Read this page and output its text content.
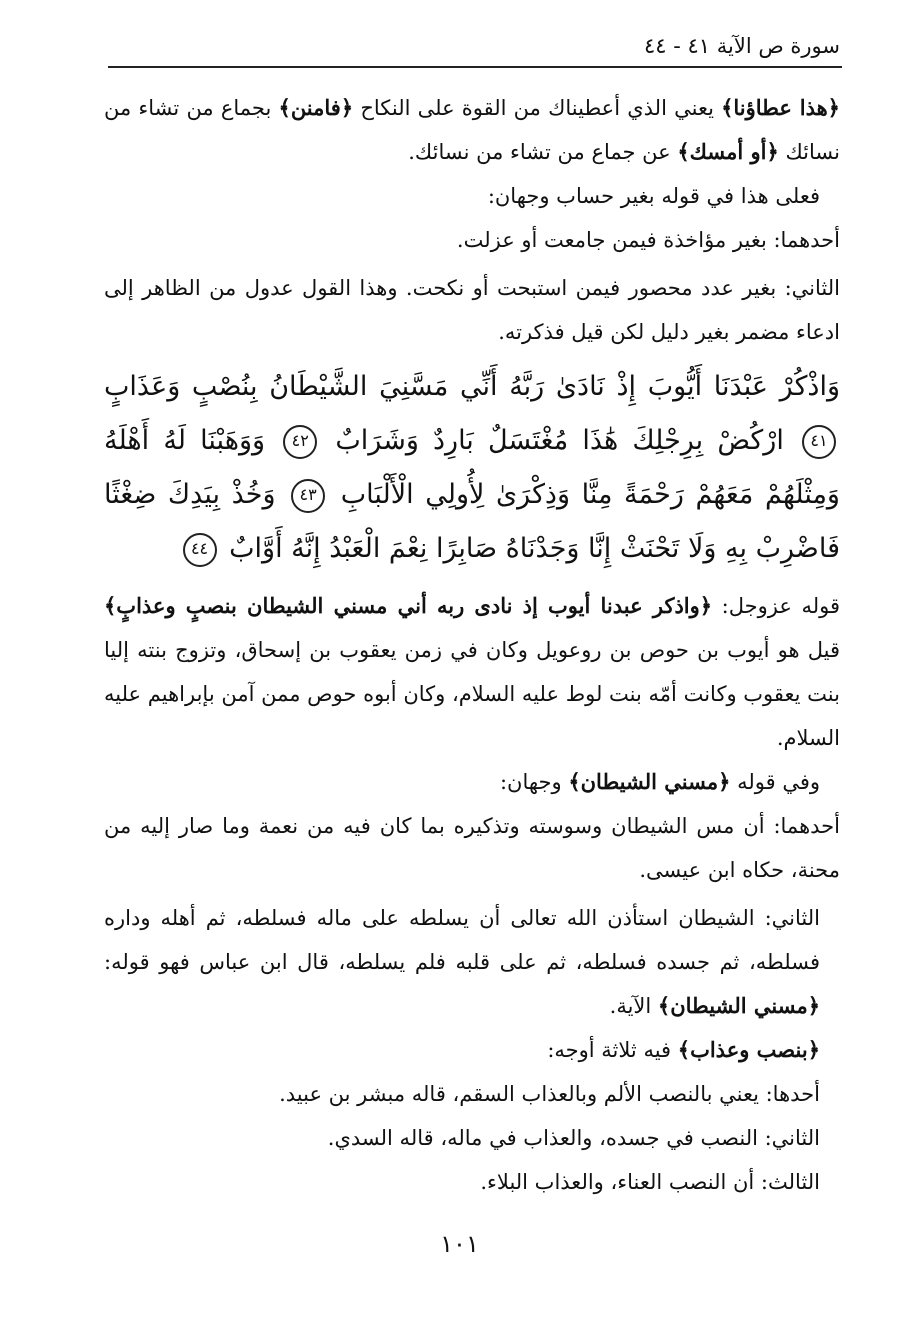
سورة ص الآية ٤١ - ٤٤

﴿هذا عطاؤنا﴾ يعني الذي أعطيناك من القوة على النكاح ﴿فامنن﴾ بجماع من تشاء من نسائك ﴿أو أمسك﴾ عن جماع من تشاء من نسائك.

فعلى هذا في قوله بغير حساب وجهان:

أحدهما: بغير مؤاخذة فيمن جامعت أو عزلت.

الثاني: بغير عدد محصور فيمن استبحت أو نكحت. وهذا القول عدول من الظاهر إلى ادعاء مضمر بغير دليل لكن قيل فذكرته.

وَاذْكُرْ عَبْدَنَا أَيُّوبَ إِذْ نَادَىٰ رَبَّهُ أَنِّي مَسَّنِيَ الشَّيْطَانُ بِنُصْبٍ وَعَذَابٍ ٤١ ارْكُضْ بِرِجْلِكَ هَٰذَا مُغْتَسَلٌ بَارِدٌ وَشَرَابٌ ٤٢ وَوَهَبْنَا لَهُ أَهْلَهُ وَمِثْلَهُمْ مَعَهُمْ رَحْمَةً مِنَّا وَذِكْرَىٰ لِأُولِي الْأَلْبَابِ ٤٣ وَخُذْ بِيَدِكَ ضِغْثًا فَاضْرِبْ بِهِ وَلَا تَحْنَثْ إِنَّا وَجَدْنَاهُ صَابِرًا نِعْمَ الْعَبْدُ إِنَّهُ أَوَّابٌ ٤٤

قوله عزوجل: ﴿واذكر عبدنا أيوب إذ نادى ربه أني مسني الشيطان بنصبٍ وعذابٍ﴾ قيل هو أيوب بن حوص بن روعويل وكان في زمن يعقوب بن إسحاق، وتزوج بنته إليا بنت يعقوب وكانت أمّه بنت لوط عليه السلام، وكان أبوه حوص ممن آمن بإبراهيم عليه السلام.

وفي قوله ﴿مسني الشيطان﴾ وجهان:

أحدهما: أن مس الشيطان وسوسته وتذكيره بما كان فيه من نعمة وما صار إليه من محنة، حكاه ابن عيسى.

الثاني: الشيطان استأذن الله تعالى أن يسلطه على ماله فسلطه، ثم أهله وداره فسلطه، ثم جسده فسلطه، ثم على قلبه فلم يسلطه، قال ابن عباس فهو قوله: ﴿مسني الشيطان﴾ الآية.

﴿بنصب وعذاب﴾ فيه ثلاثة أوجه:

أحدها: يعني بالنصب الألم وبالعذاب السقم، قاله مبشر بن عبيد.

الثاني: النصب في جسده، والعذاب في ماله، قاله السدي.

الثالث: أن النصب العناء، والعذاب البلاء.

١٠١
